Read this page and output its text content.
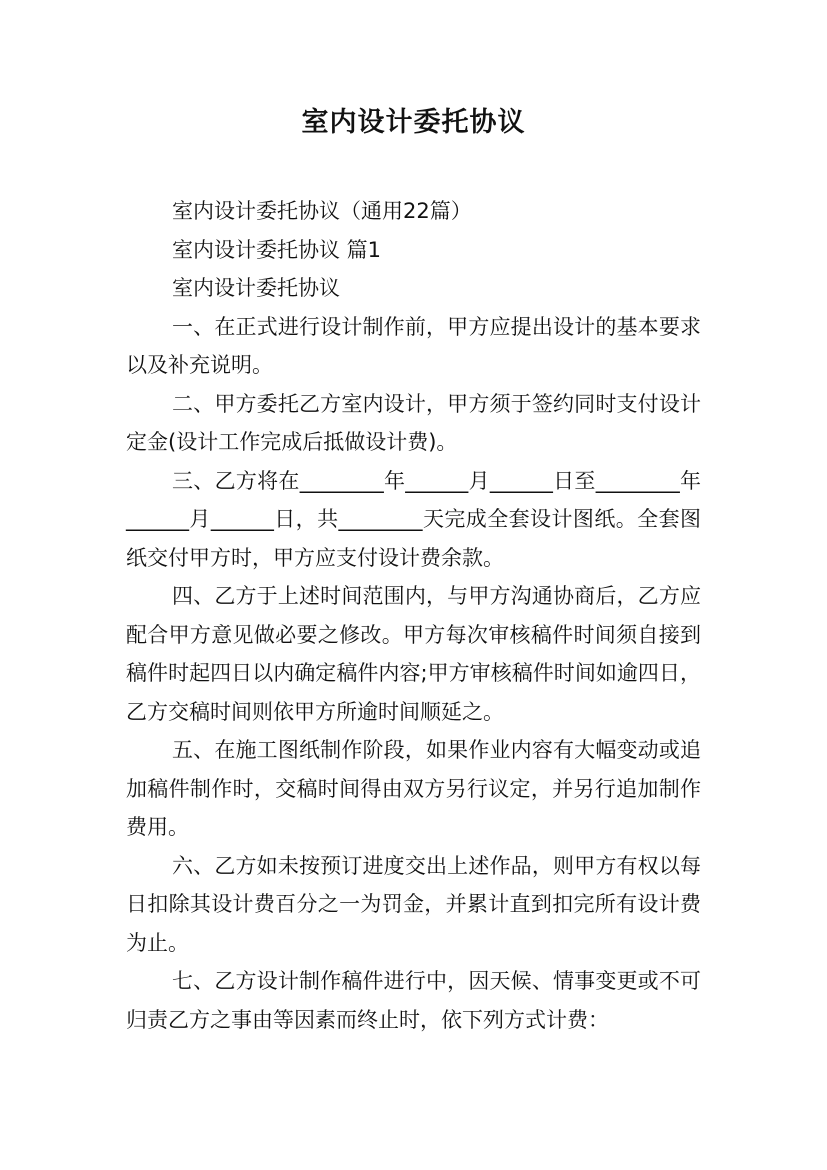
室内设计委托协议

室内设计委托协议（通用22篇）

室内设计委托协议 篇1

室内设计委托协议

一、在正式进行设计制作前，甲方应提出设计的基本要求以及补充说明。

二、甲方委托乙方室内设计，甲方须于签约同时支付设计定金(设计工作完成后抵做设计费)。

三、乙方将在________年______月______日至________年______月______日，共________天完成全套设计图纸。全套图纸交付甲方时，甲方应支付设计费余款。

四、乙方于上述时间范围内，与甲方沟通协商后，乙方应配合甲方意见做必要之修改。甲方每次审核稿件时间须自接到稿件时起四日以内确定稿件内容;甲方审核稿件时间如逾四日，乙方交稿时间则依甲方所逾时间顺延之。

五、在施工图纸制作阶段，如果作业内容有大幅变动或追加稿件制作时，交稿时间得由双方另行议定，并另行追加制作费用。

六、乙方如未按预订进度交出上述作品，则甲方有权以每日扣除其设计费百分之一为罚金，并累计直到扣完所有设计费为止。

七、乙方设计制作稿件进行中，因天候、情事变更或不可归责乙方之事由等因素而终止时，依下列方式计费：
